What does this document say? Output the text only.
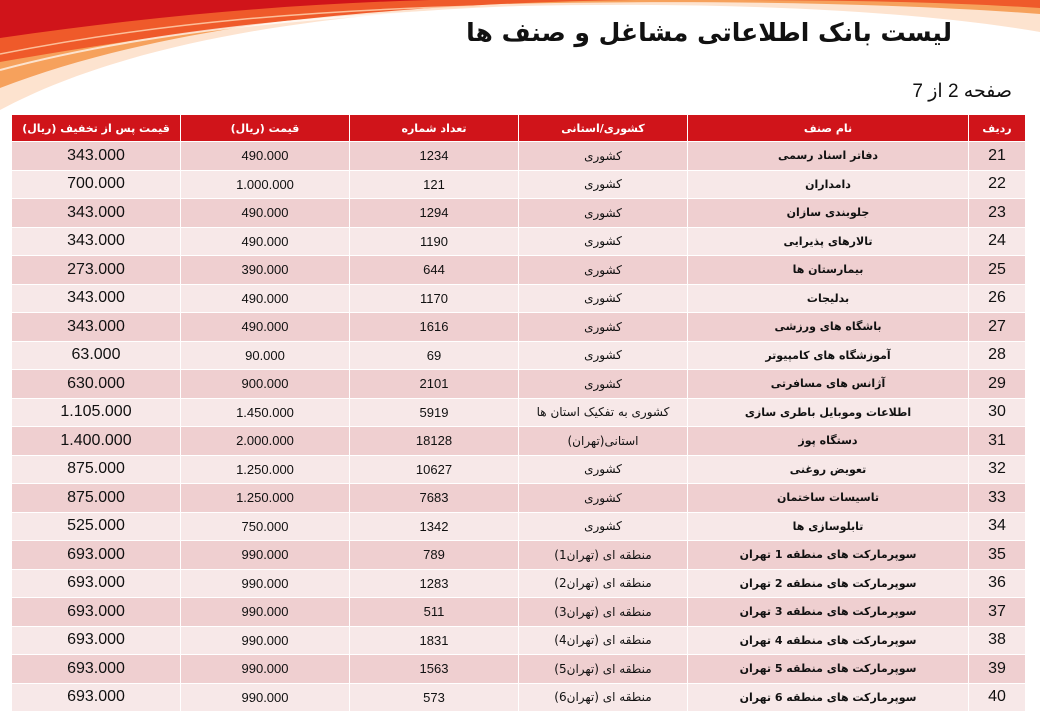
لیست بانک اطلاعاتی مشاغل و صنف ها
صفحه 2 از 7
ردیف	نام صنف	کشوری/استانی	تعداد شماره	قیمت (ریال)	قیمت پس از تخفیف (ریال)
21	دفاتر اسناد رسمی	کشوری	1234	490.000	343.000
22	دامداران	کشوری	121	1.000.000	700.000
23	جلوبندی سازان	کشوری	1294	490.000	343.000
24	تالارهای پذیرایی	کشوری	1190	490.000	343.000
25	بیمارستان ها	کشوری	644	390.000	273.000
26	بدلیجات	کشوری	1170	490.000	343.000
27	باشگاه های ورزشی	کشوری	1616	490.000	343.000
28	آموزشگاه های کامپیوتر	کشوری	69	90.000	63.000
29	آژانس های مسافرتی	کشوری	2101	900.000	630.000
30	اطلاعات وموبایل باطری سازی	کشوری به تفکیک استان ها	5919	1.450.000	1.105.000
31	دستگاه پوز	استانی(تهران)	18128	2.000.000	1.400.000
32	تعویض روغنی	کشوری	10627	1.250.000	875.000
33	تاسیسات ساختمان	کشوری	7683	1.250.000	875.000
34	تابلوسازی ها	کشوری	1342	750.000	525.000
35	سوپرمارکت های منطقه 1 تهران	منطقه ای (تهران1)	789	990.000	693.000
36	سوپرمارکت های منطقه 2 تهران	منطقه ای (تهران2)	1283	990.000	693.000
37	سوپرمارکت های منطقه 3 تهران	منطقه ای (تهران3)	511	990.000	693.000
38	سوپرمارکت های منطقه 4 تهران	منطقه ای (تهران4)	1831	990.000	693.000
39	سوپرمارکت های منطقه 5 تهران	منطقه ای (تهران5)	1563	990.000	693.000
40	سوپرمارکت های منطقه 6 تهران	منطقه ای (تهران6)	573	990.000	693.000
